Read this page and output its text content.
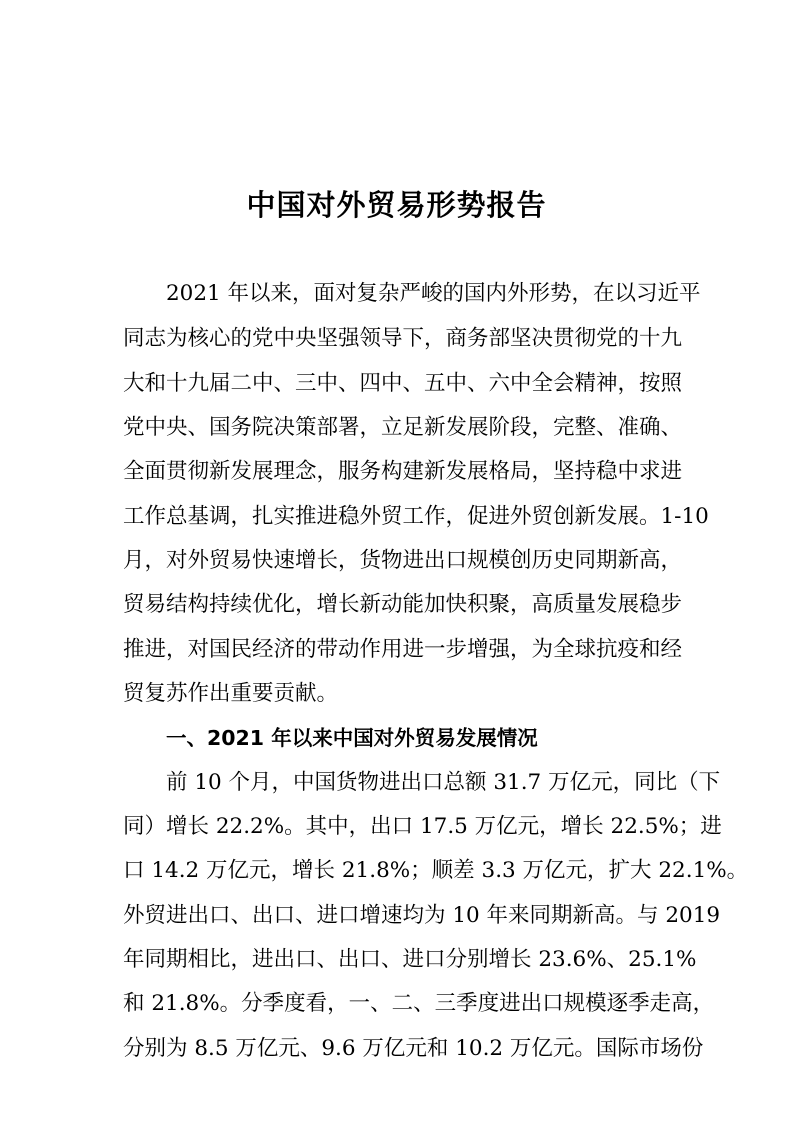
中国对外贸易形势报告

2021 年以来，面对复杂严峻的国内外形势，在以习近平

同志为核心的党中央坚强领导下，商务部坚决贯彻党的十九

大和十九届二中、三中、四中、五中、六中全会精神，按照

党中央、国务院决策部署，立足新发展阶段，完整、准确、

全面贯彻新发展理念，服务构建新发展格局，坚持稳中求进

工作总基调，扎实推进稳外贸工作，促进外贸创新发展。1-10

月，对外贸易快速增长，货物进出口规模创历史同期新高，

贸易结构持续优化，增长新动能加快积聚，高质量发展稳步

推进，对国民经济的带动作用进一步增强，为全球抗疫和经

贸复苏作出重要贡献。

一、2021 年以来中国对外贸易发展情况

前 10 个月，中国货物进出口总额 31.7 万亿元，同比（下

同）增长 22.2%。其中，出口 17.5 万亿元，增长 22.5%；进

口 14.2 万亿元，增长 21.8%；顺差 3.3 万亿元，扩大 22.1%。

外贸进出口、出口、进口增速均为 10 年来同期新高。与 2019

年同期相比，进出口、出口、进口分别增长 23.6%、25.1%

和 21.8%。分季度看，一、二、三季度进出口规模逐季走高，

分别为 8.5 万亿元、9.6 万亿元和 10.2 万亿元。国际市场份
